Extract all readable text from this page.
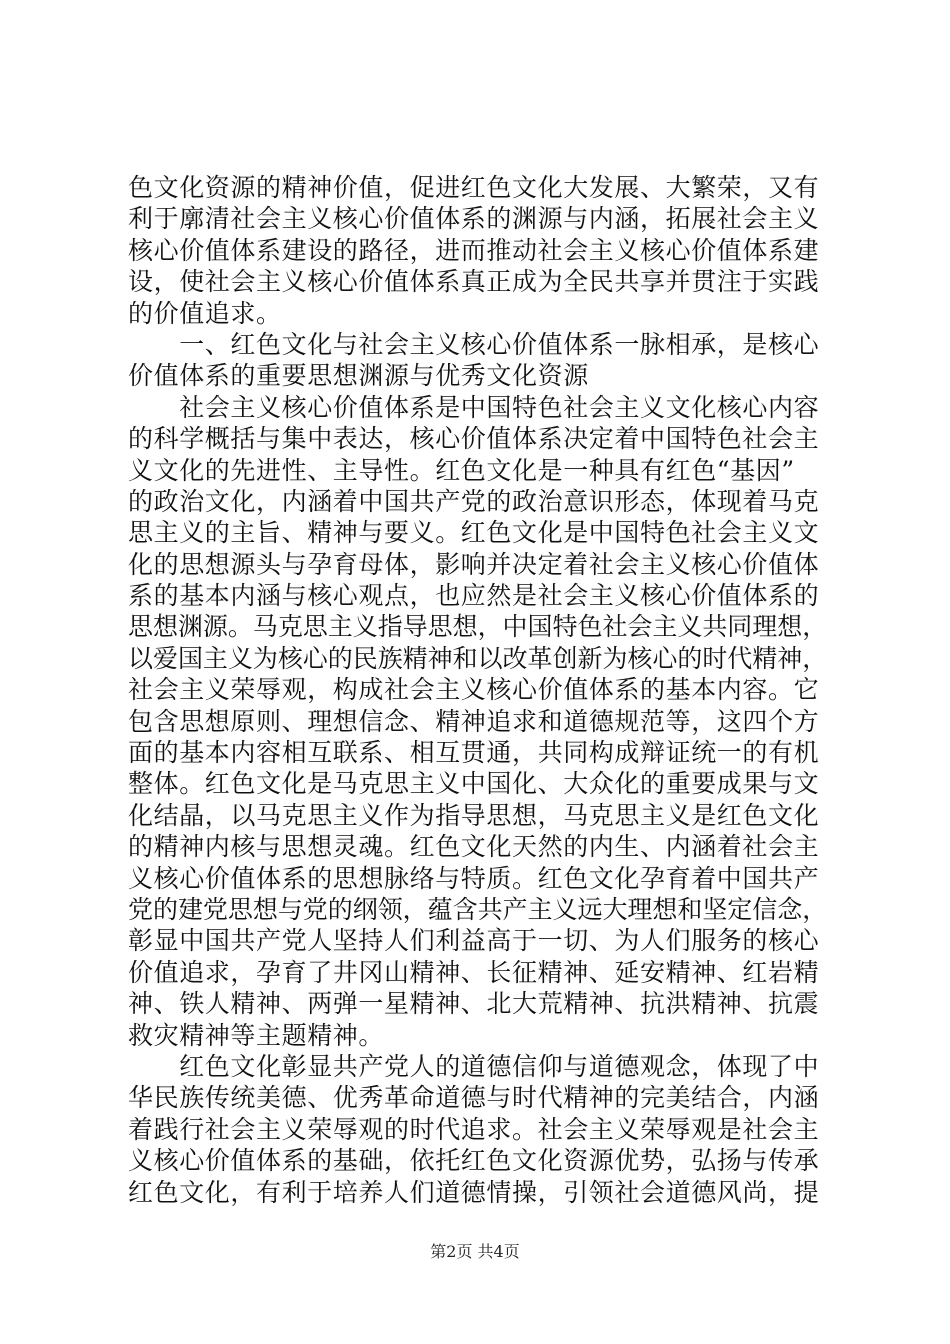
色文化资源的精神价值，促进红色文化大发展、大繁荣，又有
利于廓清社会主义核心价值体系的渊源与内涵，拓展社会主义
核心价值体系建设的路径，进而推动社会主义核心价值体系建
设，使社会主义核心价值体系真正成为全民共享并贯注于实践
的价值追求。
　　一、红色文化与社会主义核心价值体系一脉相承，是核心
价值体系的重要思想渊源与优秀文化资源
　　社会主义核心价值体系是中国特色社会主义文化核心内容
的科学概括与集中表达，核心价值体系决定着中国特色社会主
义文化的先进性、主导性。红色文化是一种具有红色“基因”
的政治文化，内涵着中国共产党的政治意识形态，体现着马克
思主义的主旨、精神与要义。红色文化是中国特色社会主义文
化的思想源头与孕育母体，影响并决定着社会主义核心价值体
系的基本内涵与核心观点，也应然是社会主义核心价值体系的
思想渊源。马克思主义指导思想，中国特色社会主义共同理想，
以爱国主义为核心的民族精神和以改革创新为核心的时代精神，
社会主义荣辱观，构成社会主义核心价值体系的基本内容。它
包含思想原则、理想信念、精神追求和道德规范等，这四个方
面的基本内容相互联系、相互贯通，共同构成辩证统一的有机
整体。红色文化是马克思主义中国化、大众化的重要成果与文
化结晶，以马克思主义作为指导思想，马克思主义是红色文化
的精神内核与思想灵魂。红色文化天然的内生、内涵着社会主
义核心价值体系的思想脉络与特质。红色文化孕育着中国共产
党的建党思想与党的纲领，蕴含共产主义远大理想和坚定信念，
彰显中国共产党人坚持人们利益高于一切、为人们服务的核心
价值追求，孕育了井冈山精神、长征精神、延安精神、红岩精
神、铁人精神、两弹一星精神、北大荒精神、抗洪精神、抗震
救灾精神等主题精神。
　　红色文化彰显共产党人的道德信仰与道德观念，体现了中
华民族传统美德、优秀革命道德与时代精神的完美结合，内涵
着践行社会主义荣辱观的时代追求。社会主义荣辱观是社会主
义核心价值体系的基础，依托红色文化资源优势，弘扬与传承
红色文化，有利于培养人们道德情操，引领社会道德风尚，提
第2页 共4页
